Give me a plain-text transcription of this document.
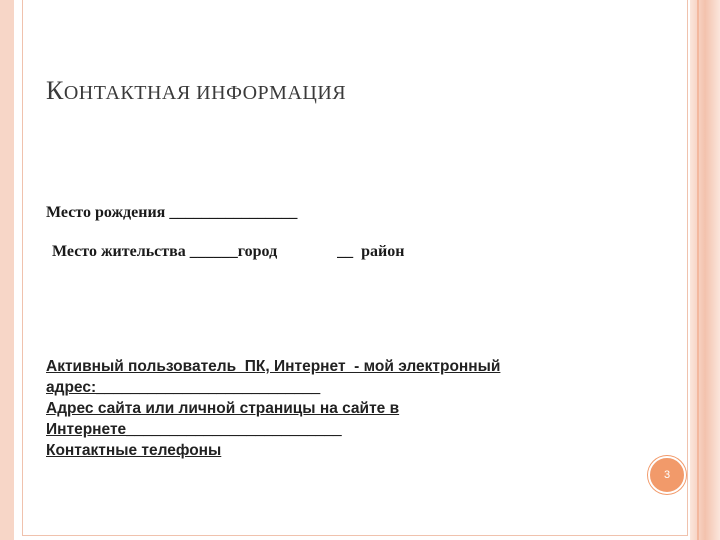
КОНТАКТНАЯ ИНФОРМАЦИЯ
Место рождения ________________
Место жительства ______город               __  район
Активный пользователь  ПК, Интернет  - мой электронный
адрес:__________________________
Адрес сайта или личной страницы на сайте в
Интернете_________________________
Контактные телефоны
3
